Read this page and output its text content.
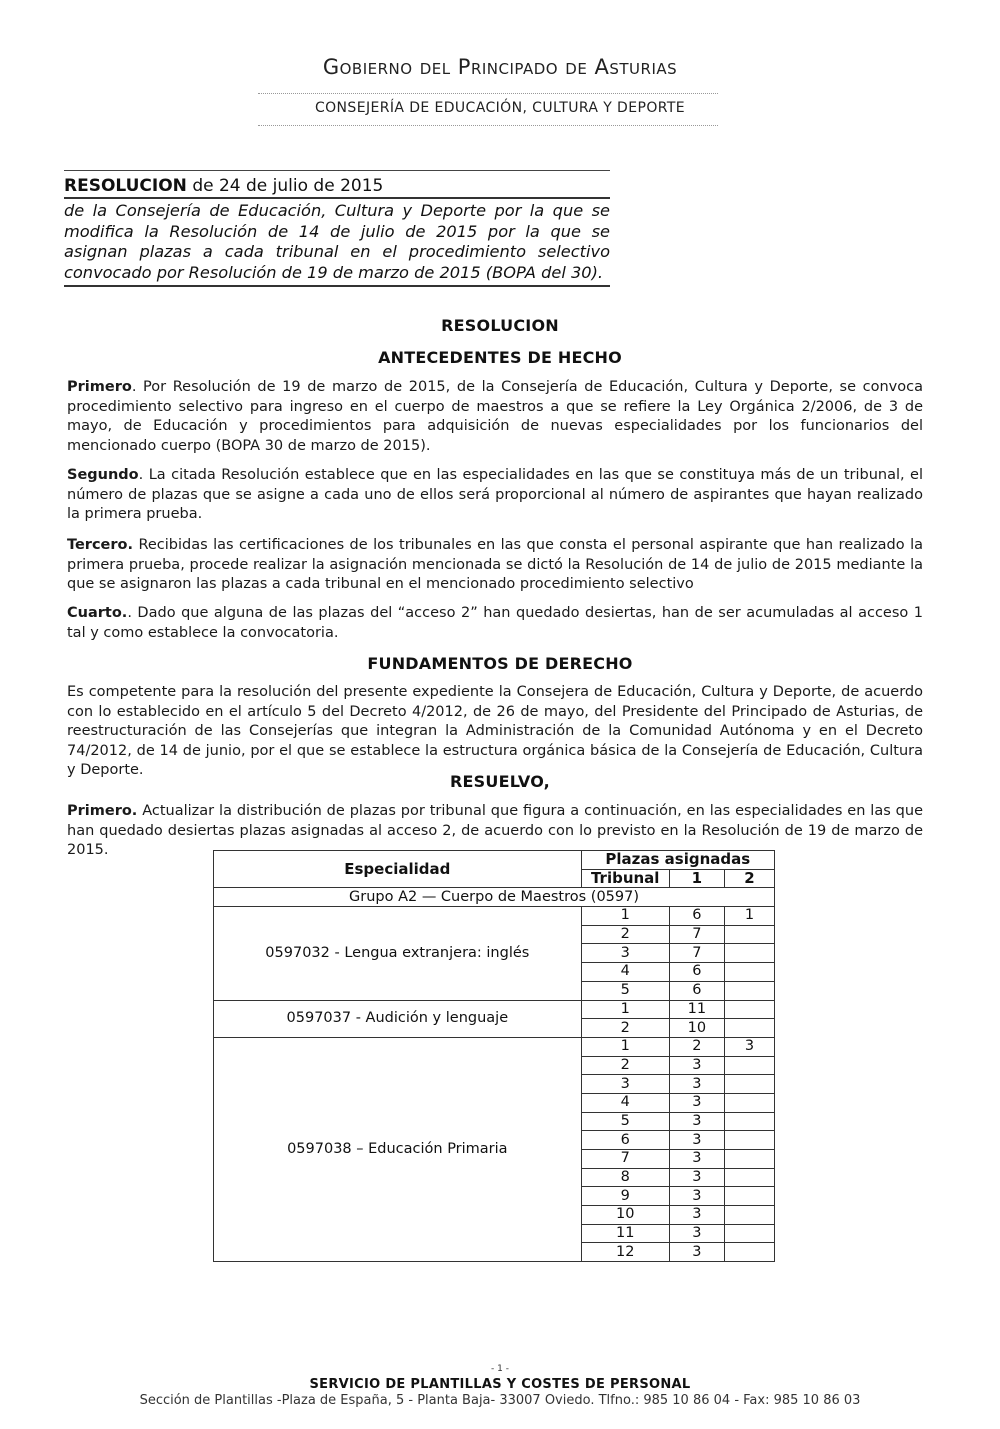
Gobierno del Principado de Asturias
CONSEJERÍA DE EDUCACIÓN, CULTURA Y DEPORTE
RESOLUCION de 24 de julio de 2015
de la Consejería de Educación, Cultura y Deporte por la que se modifica la Resolución de 14 de julio de 2015 por la que se asignan plazas a cada tribunal en el procedimiento selectivo convocado por Resolución de 19 de marzo de 2015 (BOPA del 30).
RESOLUCION
ANTECEDENTES DE HECHO
Primero. Por Resolución de 19 de marzo de 2015, de la Consejería de Educación, Cultura y Deporte, se convoca procedimiento selectivo para ingreso en el cuerpo de maestros a que se refiere la Ley Orgánica 2/2006, de 3 de mayo, de Educación y procedimientos para adquisición de nuevas especialidades por los funcionarios del mencionado cuerpo (BOPA 30 de marzo de 2015).
Segundo. La citada Resolución establece que en las especialidades en las que se constituya más de un tribunal, el número de plazas que se asigne a cada uno de ellos será proporcional al número de aspirantes que hayan realizado la primera prueba.
Tercero. Recibidas las certificaciones de los tribunales en las que consta el personal aspirante que han realizado la primera prueba, procede realizar la asignación mencionada se dictó la Resolución de 14 de julio de 2015 mediante la que se asignaron las plazas a cada tribunal en el mencionado procedimiento selectivo
Cuarto.. Dado que alguna de las plazas del “acceso 2” han quedado desiertas, han de ser acumuladas al acceso 1 tal y como establece la convocatoria.
FUNDAMENTOS DE DERECHO
Es competente para la resolución del presente expediente la Consejera de Educación, Cultura y Deporte, de acuerdo con lo establecido en el artículo 5 del Decreto 4/2012, de 26 de mayo, del Presidente del Principado de Asturias, de reestructuración de las Consejerías que integran la Administración de la Comunidad Autónoma y en el Decreto 74/2012, de 14 de junio, por el que se establece la estructura orgánica básica de la Consejería de Educación, Cultura y Deporte.
RESUELVO,
Primero. Actualizar la distribución de plazas por tribunal que figura a continuación, en las especialidades en las que han quedado desiertas plazas asignadas al acceso 2, de acuerdo con lo previsto en la Resolución de 19 de marzo de 2015.
Especialidad	Plazas asignadas		
	Tribunal	1	2
Grupo A2 — Cuerpo de Maestros (0597)			
0597032 - Lengua extranjera: inglés	1	6	1
	2	7	
	3	7	
	4	6	
	5	6	
0597037 - Audición y lenguaje	1	11	
	2	10	
0597038 – Educación Primaria	1	2	3
	2	3	
	3	3	
	4	3	
	5	3	
	6	3	
	7	3	
	8	3	
	9	3	
	10	3	
	11	3	
	12	3	
- 1 -
SERVICIO DE PLANTILLAS Y COSTES DE PERSONAL
Sección de Plantillas -Plaza de España, 5 - Planta Baja- 33007 Oviedo. Tlfno.: 985 10 86 04 - Fax: 985 10 86 03
